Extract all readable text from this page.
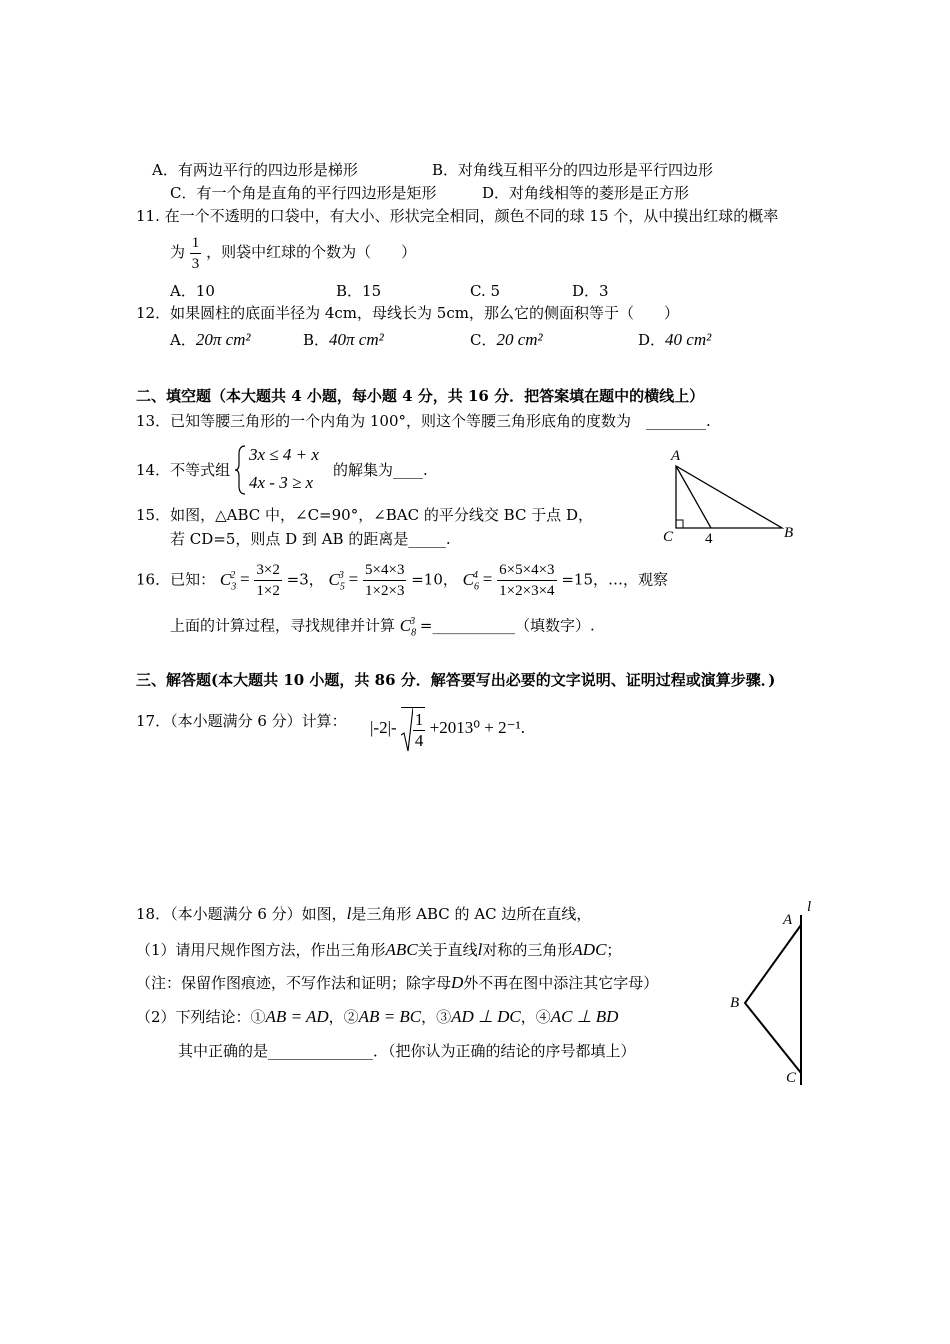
A．有两边平行的四边形是梯形	B．对角线互相平分的四边形是平行四边形
C．有一个角是直角的平行四边形是矩形	D．对角线相等的菱形是正方形
11. 在一个不透明的口袋中，有大小、形状完全相同，颜色不同的球 15 个，从中摸出红球的概率
为 $\frac{1}{3}$ ，则袋中红球的个数为（　　）
A．10	B．15	C. 5	D．3
12．如果圆柱的底面半径为 4cm，母线长为 5cm，那么它的侧面积等于（　　）
A．20π cm²	B．40π cm²	C．20 cm²	D．40 cm²
二、填空题（本大题共 4 小题，每小题 4 分，共 16 分．把答案填在题中的横线上）
13．已知等腰三角形的一个内角为 100°，则这个等腰三角形底角的度数为　________.
14．不等式组
3x ≤ 4 + x
4x - 3 ≥ x
的解集为____.
A
B
C 4
15．如图，△ABC 中，∠C=90°，∠BAC 的平分线交 BC 于点 D，
若 CD=5，则点 D 到 AB 的距离是_____.
16．已知： $C_3^2 = \frac{3\times 2}{1\times 2} =3$， $C_5^3 = \frac{5\times 4\times 3}{1\times 2\times 3} =10$， $C_6^4 = \frac{6\times 5\times 4\times 3}{1\times 2\times 3\times 4} =15$，…，观察
上面的计算过程，寻找规律并计算 $C_8^3$ =___________（填数字）.
三、解答题(本大题共 10 小题，共 86 分．解答要写出必要的文字说明、证明过程或演算步骤．)
17．（本小题满分 6 分）计算： $|-2|- \frac{1}{4} +2013^0 + 2^{-1}$.
18．（本小题满分 6 分）如图，l是三角形 ABC 的 AC 边所在直线，
（1）请用尺规作图方法，作出三角形ABC关于直线l对称的三角形ADC；
（注：保留作图痕迹，不写作法和证明；除字母D外不再在图中添注其它字母）
（2）下列结论：①AB = AD，②AB = BC，③AD ⊥ DC，④AC ⊥ BD
其中正确的是______________．（把你认为正确的结论的序号都填上）
A
B
C
l
